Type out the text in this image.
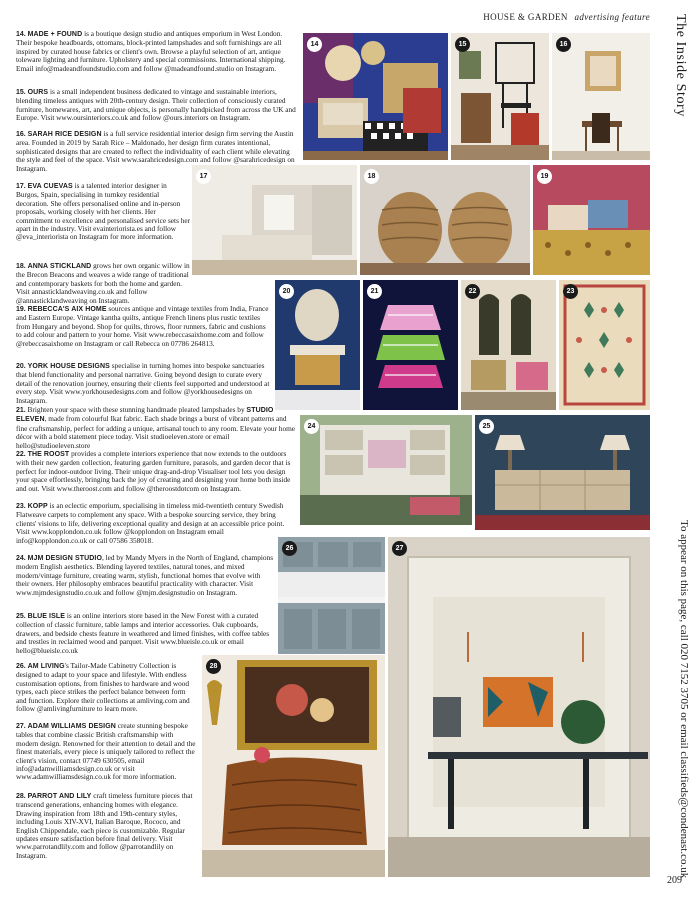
HOUSE & GARDEN advertising feature The Inside Story
To appear on this page, call 020 7152 3705 or email classifieds@condenast.co.uk
209
14. MADE + FOUND is a boutique design studio and antiques emporium in West London. Their bespoke headboards, ottomans, block-printed lampshades and soft furnishings are all inspired by curated house fabrics or client's own. Browse a playful selection of art, antique toleware lighting and furniture. Upholstery and special commissions. International shipping. Email info@madeandfoundstudio.com and follow @madeandfound.studio on Instagram.
15. OURS is a small independent business dedicated to vintage and sustainable interiors, blending timeless antiques with 20th-century design. Their collection of consciously curated furniture, homewares, art, and unique objects, is personally handpicked from across the UK and Europe. Visit www.oursinteriors.co.uk and follow @ours.interiors on Instagram.
16. SARAH RICE DESIGN is a full service residential interior design firm serving the Austin area. Founded in 2019 by Sarah Rice – Maldonado, her design firm curates intentional, sophisticated designs that are created to reflect the individuality of each client while elevating the style and feel of the space. Visit www.sarahricedesign.com and follow @sarahricedesign on Instagram.
17. EVA CUEVAS is a talented interior designer in Burgos, Spain, specialising in turnkey residential decoration. She offers personalised online and in-person proposals, working closely with her clients. Her commitment to excellence and personalised service sets her apart in the industry. Visit evainteriorista.es and follow @eva_interiorista on Instagram for more information.
18. ANNA STICKLAND grows her own organic willow in the Brecon Beacons and weaves a wide range of traditional and contemporary baskets for both the home and garden. Visit annasticklandweaving.co.uk and follow @annasticklandweaving on Instagram.
19. REBECCA'S AIX HOME sources antique and vintage textiles from India, France and Eastern Europe. Vintage kantha quilts, antique French linens plus rustic textiles from Hungary and beyond. Shop for quilts, throws, floor runners, fabric and cushions to add colour and pattern to your home. Visit www.rebeccasaixhome.com and follow @rebeccasaixhome on Instagram or call Rebecca on 07786 264813.
20. YORK HOUSE DESIGNS specialise in turning homes into bespoke sanctuaries that blend functionality and personal narrative. Going beyond design to curate every detail of the renovation journey, ensuring their clients feel supported and understood at every step. Visit www.yorkhousedesigns.com and follow @yorkhousedesigns on Instagram.
21. Brighten your space with these stunning handmade pleated lampshades by STUDIO ELEVEN, made from colourful Ikat fabric. Each shade brings a burst of vibrant patterns and fine craftsmanship, perfect for adding a unique, artisanal touch to any room. Elevate your home décor with a bold statement piece today. Visit studioeleven.store or email hello@studioeleven.store
22. THE ROOST provides a complete interiors experience that now extends to the outdoors with their new garden collection, featuring garden furniture, parasols, and garden decor that is perfect for indoor-outdoor living. Their unique drag-and-drop Visualiser tool lets you design your space effortlessly, bringing back the joy of creating and designing your home both inside and out. Visit www.theroost.com and follow @theroostdotcom on Instagram.
23. KOPP is an eclectic emporium, specialising in timeless mid-twentieth century Swedish Flatweave carpets to complement any space. With a bespoke sourcing service, they bring clients' visions to life, delivering exceptional quality and design at an accessible price point. Visit www.kopplondon.co.uk follow @kopplondon on Instagram email info@kopplondon.co.uk or call 07586 358018.
24. MJM DESIGN STUDIO, led by Mandy Myers in the North of England, champions modern English aesthetics. Blending layered textiles, natural tones, and mixed modern/vintage furniture, creating warm, stylish, functional homes that evolve with their owners. Her philosophy embraces beautiful practicality with character. Visit www.mjmdesignstudio.co.uk and follow @mjm.designstudio on Instagram.
25. BLUE ISLE is an online interiors store based in the New Forest with a curated collection of classic furniture, table lamps and interior accessories. Oak cupboards, drawers, and bedside chests feature in weathered and limed finishes, with coffee tables and trestles in reclaimed wood and parquet. Visit www.blueisle.co.uk or email hello@blueisle.co.uk
26. AM LIVING's Tailor-Made Cabinetry Collection is designed to adapt to your space and lifestyle. With endless customisation options, from finishes to hardware and wood types, each piece strikes the perfect balance between form and function. Explore their collections at amliving.com and follow @amlivingfurniture to learn more.
27. ADAM WILLIAMS DESIGN create stunning bespoke tables that combine classic British craftsmanship with modern design. Renowned for their attention to detail and the finest materials, every piece is uniquely tailored to reflect the client's vision, contact 07749 630505, email info@adamwilliamsdesign.co.uk or visit www.adamwilliamsdesign.co.uk for more information.
28. PARROT AND LILY craft timeless furniture pieces that transcend generations, enhancing homes with elegance. Drawing inspiration from 18th and 19th-century styles, including Louis XIV-XVI, Italian Baroque, Rococo, and English Chippendale, each piece is customizable. Regular updates ensure satisfaction before final delivery. Visit www.parrotandlily.com and follow @parrotandlily on Instagram.
14	15	16
17	18	19
20	21	22	23
24	25
26	27
28
